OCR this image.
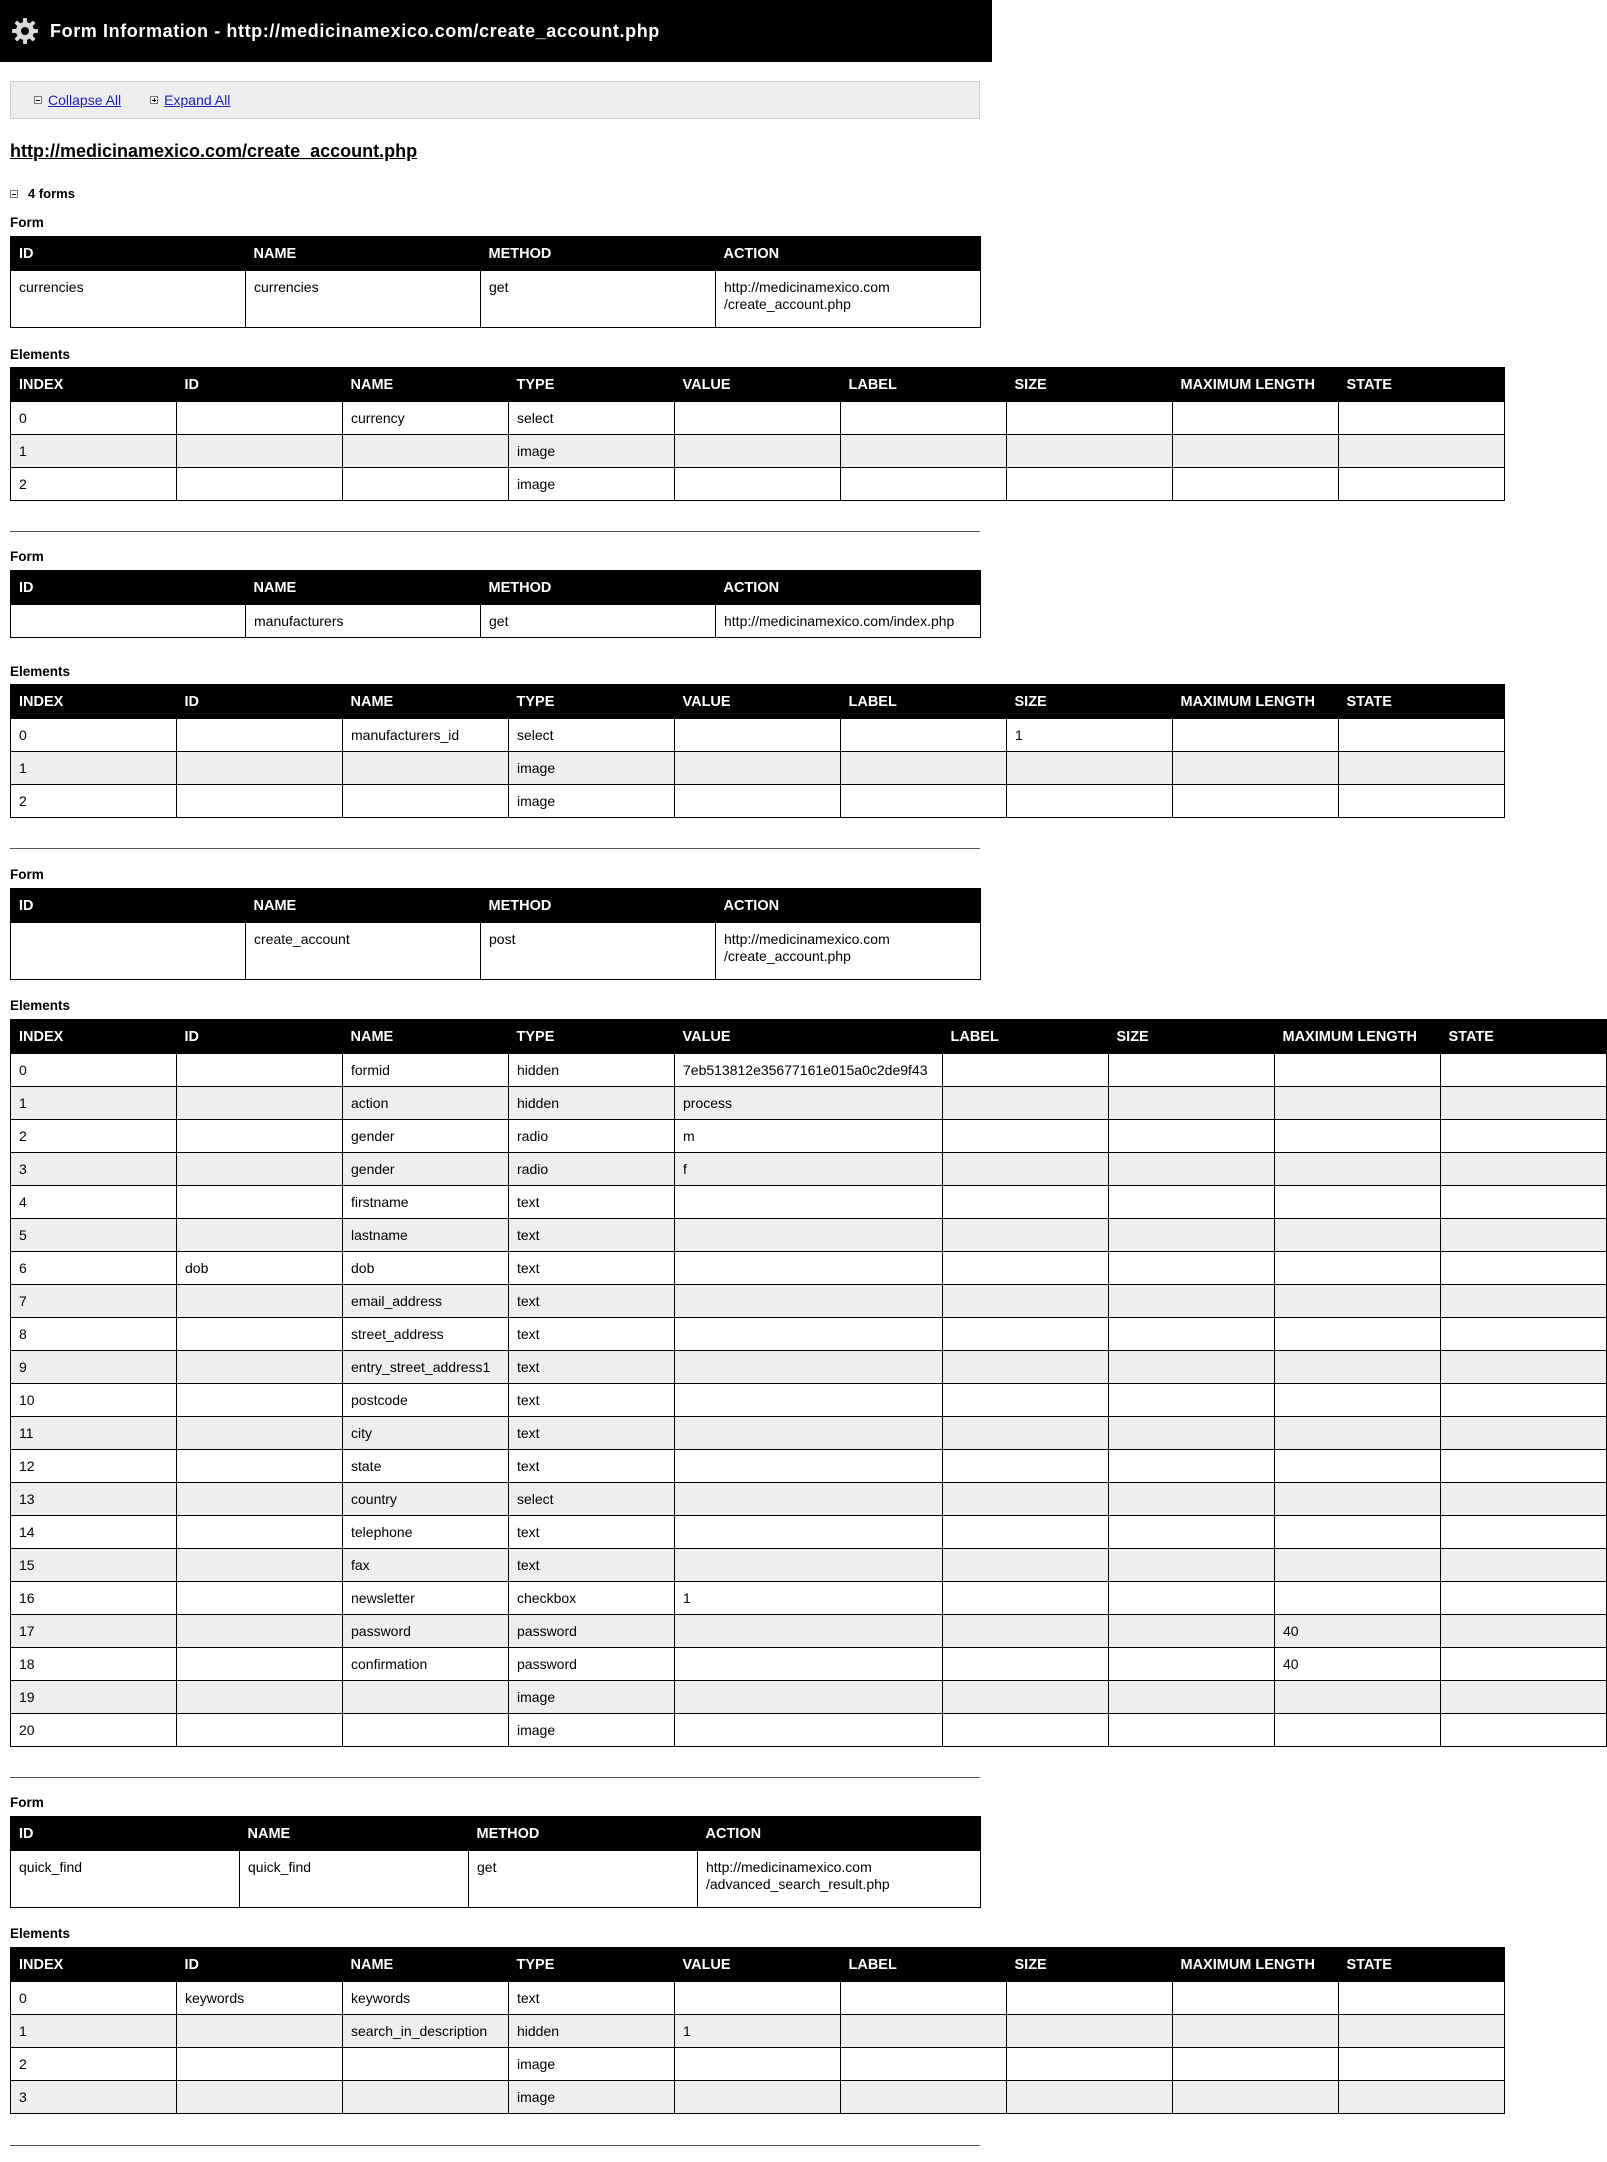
Form Information - http://medicinamexico.com/create_account.php
Collapse All	Expand All
http://medicinamexico.com/create_account.php
4 forms
Form
ID	NAME	METHOD	ACTION
currencies	currencies	get	http://medicinamexico.com
/create_account.php
Elements
INDEX	ID	NAME	TYPE	VALUE	LABEL	SIZE	MAXIMUM LENGTH	STATE
0		currency	select					
1			image					
2			image					
Form
ID	NAME	METHOD	ACTION
	manufacturers	get	http://medicinamexico.com/index.php
Elements
INDEX	ID	NAME	TYPE	VALUE	LABEL	SIZE	MAXIMUM LENGTH	STATE
0		manufacturers_id	select			1		
1			image					
2			image					
Form
ID	NAME	METHOD	ACTION
	create_account	post	http://medicinamexico.com
/create_account.php
Elements
INDEX	ID	NAME	TYPE	VALUE	LABEL	SIZE	MAXIMUM LENGTH	STATE
0		formid	hidden	7eb513812e35677161e015a0c2de9f43				
1		action	hidden	process				
2		gender	radio	m				
3		gender	radio	f				
4		firstname	text					
5		lastname	text					
6	dob	dob	text					
7		email_address	text					
8		street_address	text					
9		entry_street_address1	text					
10		postcode	text					
11		city	text					
12		state	text					
13		country	select					
14		telephone	text					
15		fax	text					
16		newsletter	checkbox	1				
17		password	password				40	
18		confirmation	password				40	
19			image					
20			image					
Form
ID	NAME	METHOD	ACTION
quick_find	quick_find	get	http://medicinamexico.com
/advanced_search_result.php
Elements
INDEX	ID	NAME	TYPE	VALUE	LABEL	SIZE	MAXIMUM LENGTH	STATE
0	keywords	keywords	text					
1		search_in_description	hidden	1				
2			image					
3			image					
